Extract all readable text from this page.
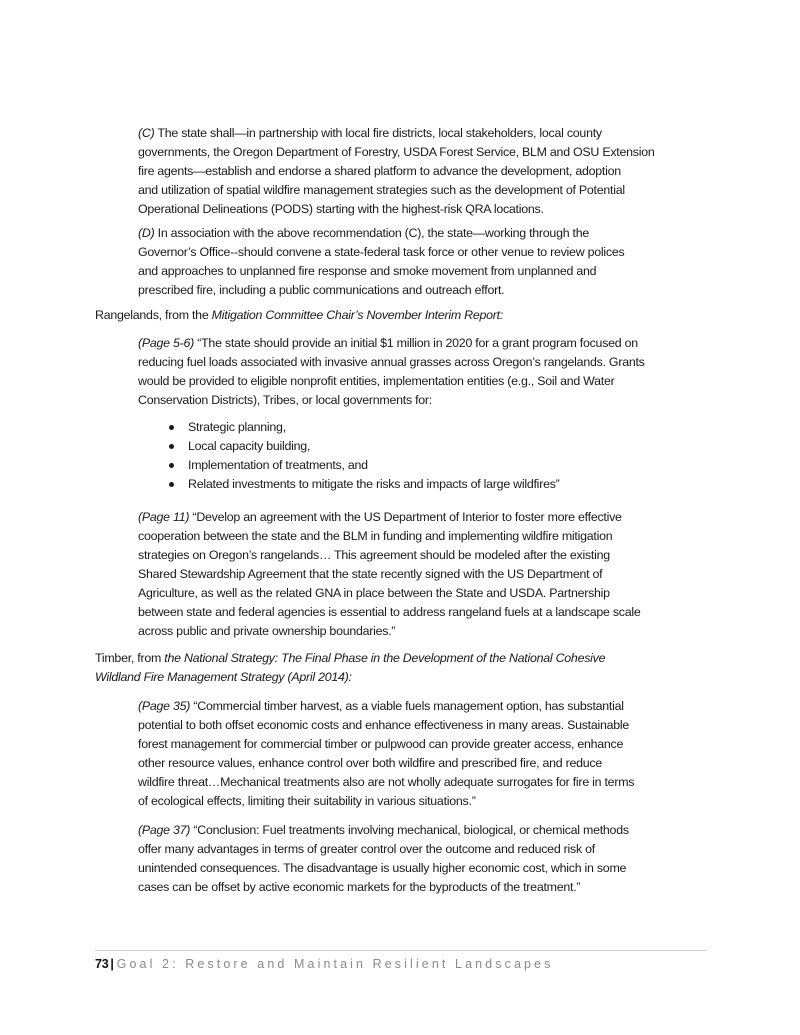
(C) The state shall—in partnership with local fire districts, local stakeholders, local county
governments, the Oregon Department of Forestry, USDA Forest Service, BLM and OSU Extension
fire agents—establish and endorse a shared platform to advance the development, adoption
and utilization of spatial wildfire management strategies such as the development of Potential
Operational Delineations (PODS) starting with the highest-risk QRA locations.
(D) In association with the above recommendation (C), the state—working through the
Governor’s Office--should convene a state-federal task force or other venue to review polices
and approaches to unplanned fire response and smoke movement from unplanned and
prescribed fire, including a public communications and outreach effort.
Rangelands, from the Mitigation Committee Chair’s November Interim Report:
(Page 5-6) “The state should provide an initial $1 million in 2020 for a grant program focused on
reducing fuel loads associated with invasive annual grasses across Oregon’s rangelands. Grants
would be provided to eligible nonprofit entities, implementation entities (e.g., Soil and Water
Conservation Districts), Tribes, or local governments for:
Strategic planning,
Local capacity building,
Implementation of treatments, and
Related investments to mitigate the risks and impacts of large wildfires”
(Page 11) “Develop an agreement with the US Department of Interior to foster more effective
cooperation between the state and the BLM in funding and implementing wildfire mitigation
strategies on Oregon’s rangelands… This agreement should be modeled after the existing
Shared Stewardship Agreement that the state recently signed with the US Department of
Agriculture, as well as the related GNA in place between the State and USDA. Partnership
between state and federal agencies is essential to address rangeland fuels at a landscape scale
across public and private ownership boundaries.”
Timber, from the National Strategy: The Final Phase in the Development of the National Cohesive
Wildland Fire Management Strategy (April 2014):
(Page 35) “Commercial timber harvest, as a viable fuels management option, has substantial
potential to both offset economic costs and enhance effectiveness in many areas. Sustainable
forest management for commercial timber or pulpwood can provide greater access, enhance
other resource values, enhance control over both wildfire and prescribed fire, and reduce
wildfire threat…Mechanical treatments also are not wholly adequate surrogates for fire in terms
of ecological effects, limiting their suitability in various situations.”
(Page 37) “Conclusion: Fuel treatments involving mechanical, biological, or chemical methods
offer many advantages in terms of greater control over the outcome and reduced risk of
unintended consequences. The disadvantage is usually higher economic cost, which in some
cases can be offset by active economic markets for the byproducts of the treatment.”
73 | Goal 2: Restore and Maintain Resilient Landscapes
